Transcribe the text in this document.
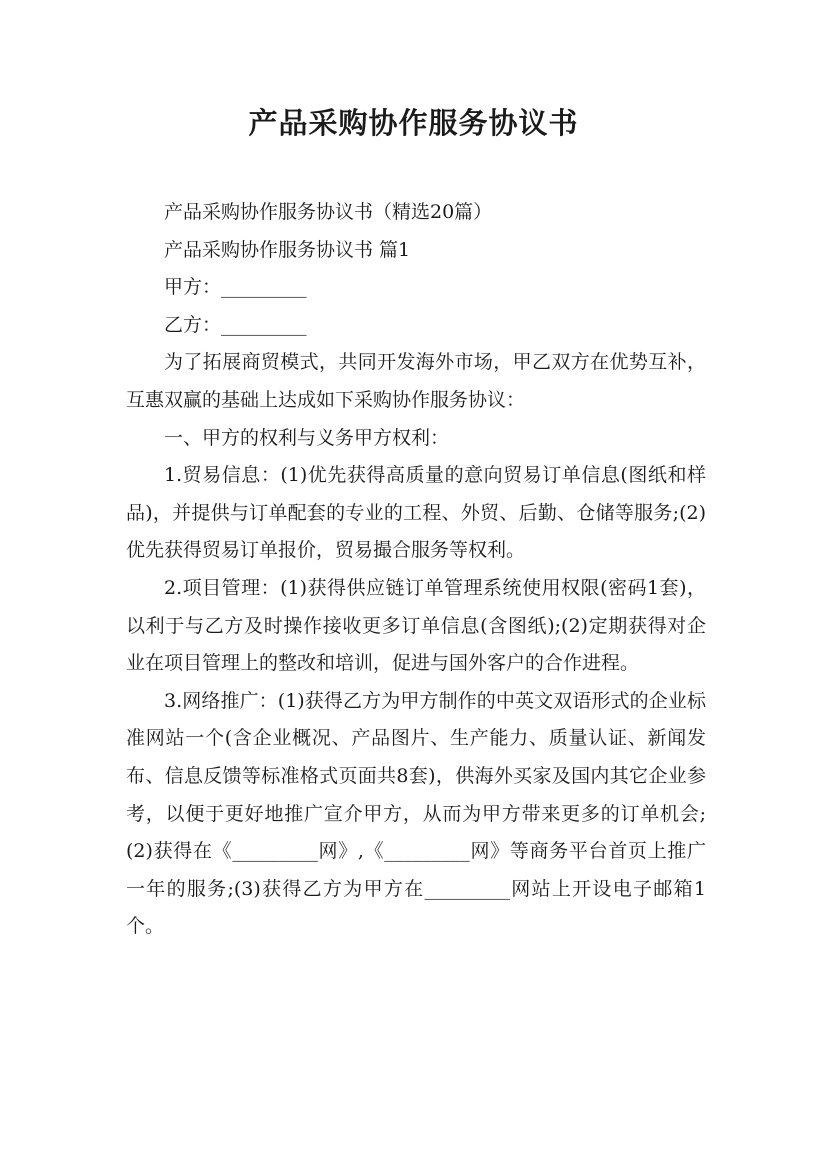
产品采购协作服务协议书

产品采购协作服务协议书（精选20篇）

产品采购协作服务协议书 篇1

甲方：_________

乙方：_________

为了拓展商贸模式，共同开发海外市场，甲乙双方在优势互补，互惠双赢的基础上达成如下采购协作服务协议：

一、甲方的权利与义务甲方权利：

1.贸易信息：(1)优先获得高质量的意向贸易订单信息(图纸和样品)，并提供与订单配套的专业的工程、外贸、后勤、仓储等服务;(2)优先获得贸易订单报价，贸易撮合服务等权利。

2.项目管理：(1)获得供应链订单管理系统使用权限(密码1套)，以利于与乙方及时操作接收更多订单信息(含图纸);(2)定期获得对企业在项目管理上的整改和培训，促进与国外客户的合作进程。

3.网络推广：(1)获得乙方为甲方制作的中英文双语形式的企业标准网站一个(含企业概况、产品图片、生产能力、质量认证、新闻发布、信息反馈等标准格式页面共8套)，供海外买家及国内其它企业参考，以便于更好地推广宣介甲方，从而为甲方带来更多的订单机会;(2)获得在《_________网》,《_________网》等商务平台首页上推广一年的服务;(3)获得乙方为甲方在_________网站上开设电子邮箱1个。
